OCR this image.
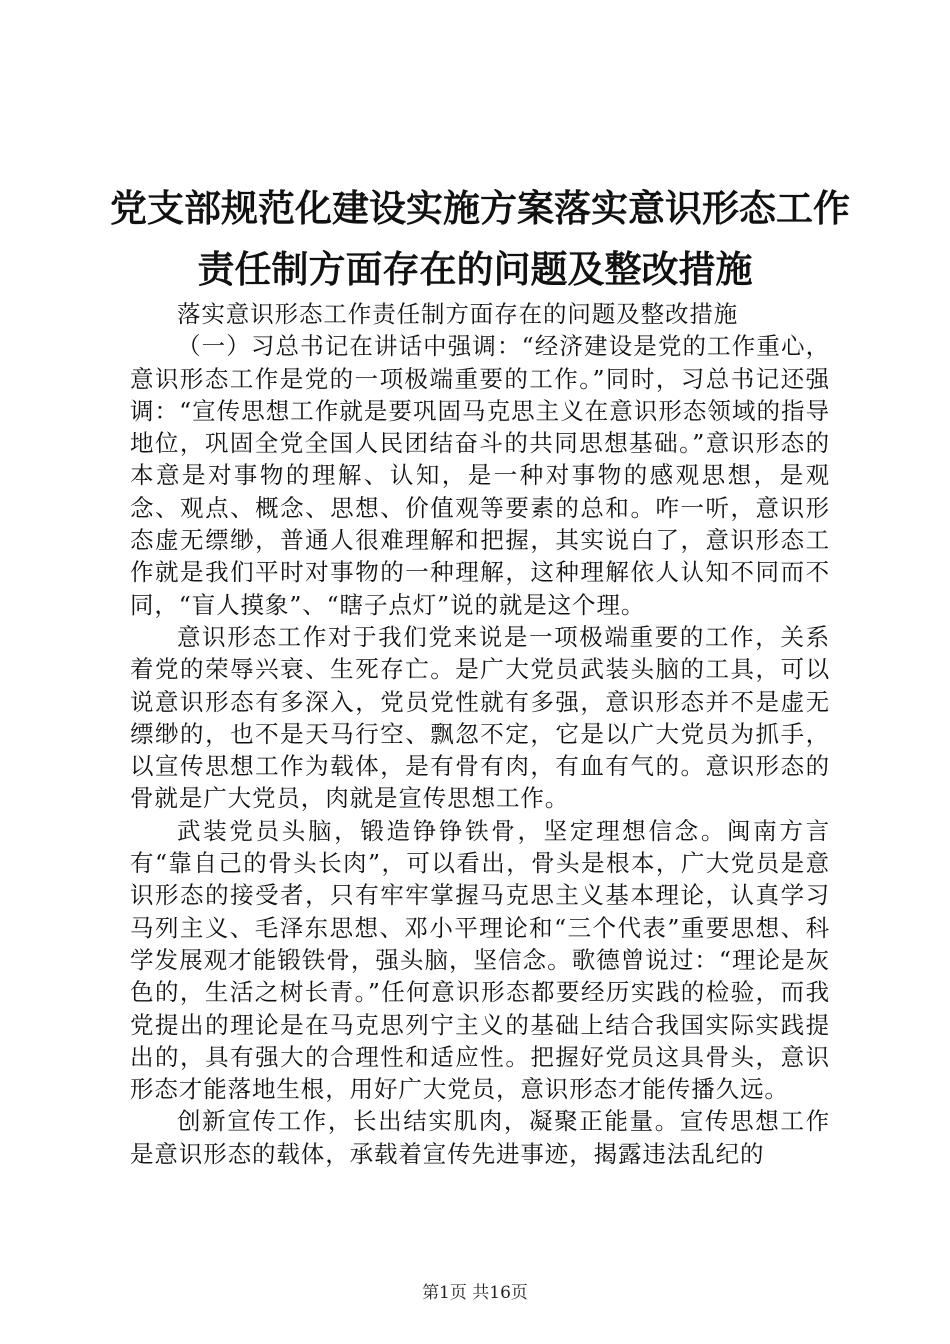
党支部规范化建设实施方案落实意识形态工作
责任制方面存在的问题及整改措施

落实意识形态工作责任制方面存在的问题及整改措施

（一）习总书记在讲话中强调：“经济建设是党的工作重心，意识形态工作是党的一项极端重要的工作。”同时，习总书记还强调：“宣传思想工作就是要巩固马克思主义在意识形态领域的指导地位，巩固全党全国人民团结奋斗的共同思想基础。”意识形态的本意是对事物的理解、认知，是一种对事物的感观思想，是观念、观点、概念、思想、价值观等要素的总和。咋一听，意识形态虚无缥缈，普通人很难理解和把握，其实说白了，意识形态工作就是我们平时对事物的一种理解，这种理解依人认知不同而不同，“盲人摸象”、“瞎子点灯”说的就是这个理。

意识形态工作对于我们党来说是一项极端重要的工作，关系着党的荣辱兴衰、生死存亡。是广大党员武装头脑的工具，可以说意识形态有多深入，党员党性就有多强，意识形态并不是虚无缥缈的，也不是天马行空、飘忽不定，它是以广大党员为抓手，以宣传思想工作为载体，是有骨有肉，有血有气的。意识形态的骨就是广大党员，肉就是宣传思想工作。

武装党员头脑，锻造铮铮铁骨，坚定理想信念。闽南方言有“靠自己的骨头长肉”，可以看出，骨头是根本，广大党员是意识形态的接受者，只有牢牢掌握马克思主义基本理论，认真学习马列主义、毛泽东思想、邓小平理论和“三个代表”重要思想、科学发展观才能锻铁骨，强头脑，坚信念。歌德曾说过：“理论是灰色的，生活之树长青。”任何意识形态都要经历实践的检验，而我党提出的理论是在马克思列宁主义的基础上结合我国实际实践提出的，具有强大的合理性和适应性。把握好党员这具骨头，意识形态才能落地生根，用好广大党员，意识形态才能传播久远。

创新宣传工作，长出结实肌肉，凝聚正能量。宣传思想工作是意识形态的载体，承载着宣传先进事迹，揭露违法乱纪的

第1页 共16页
